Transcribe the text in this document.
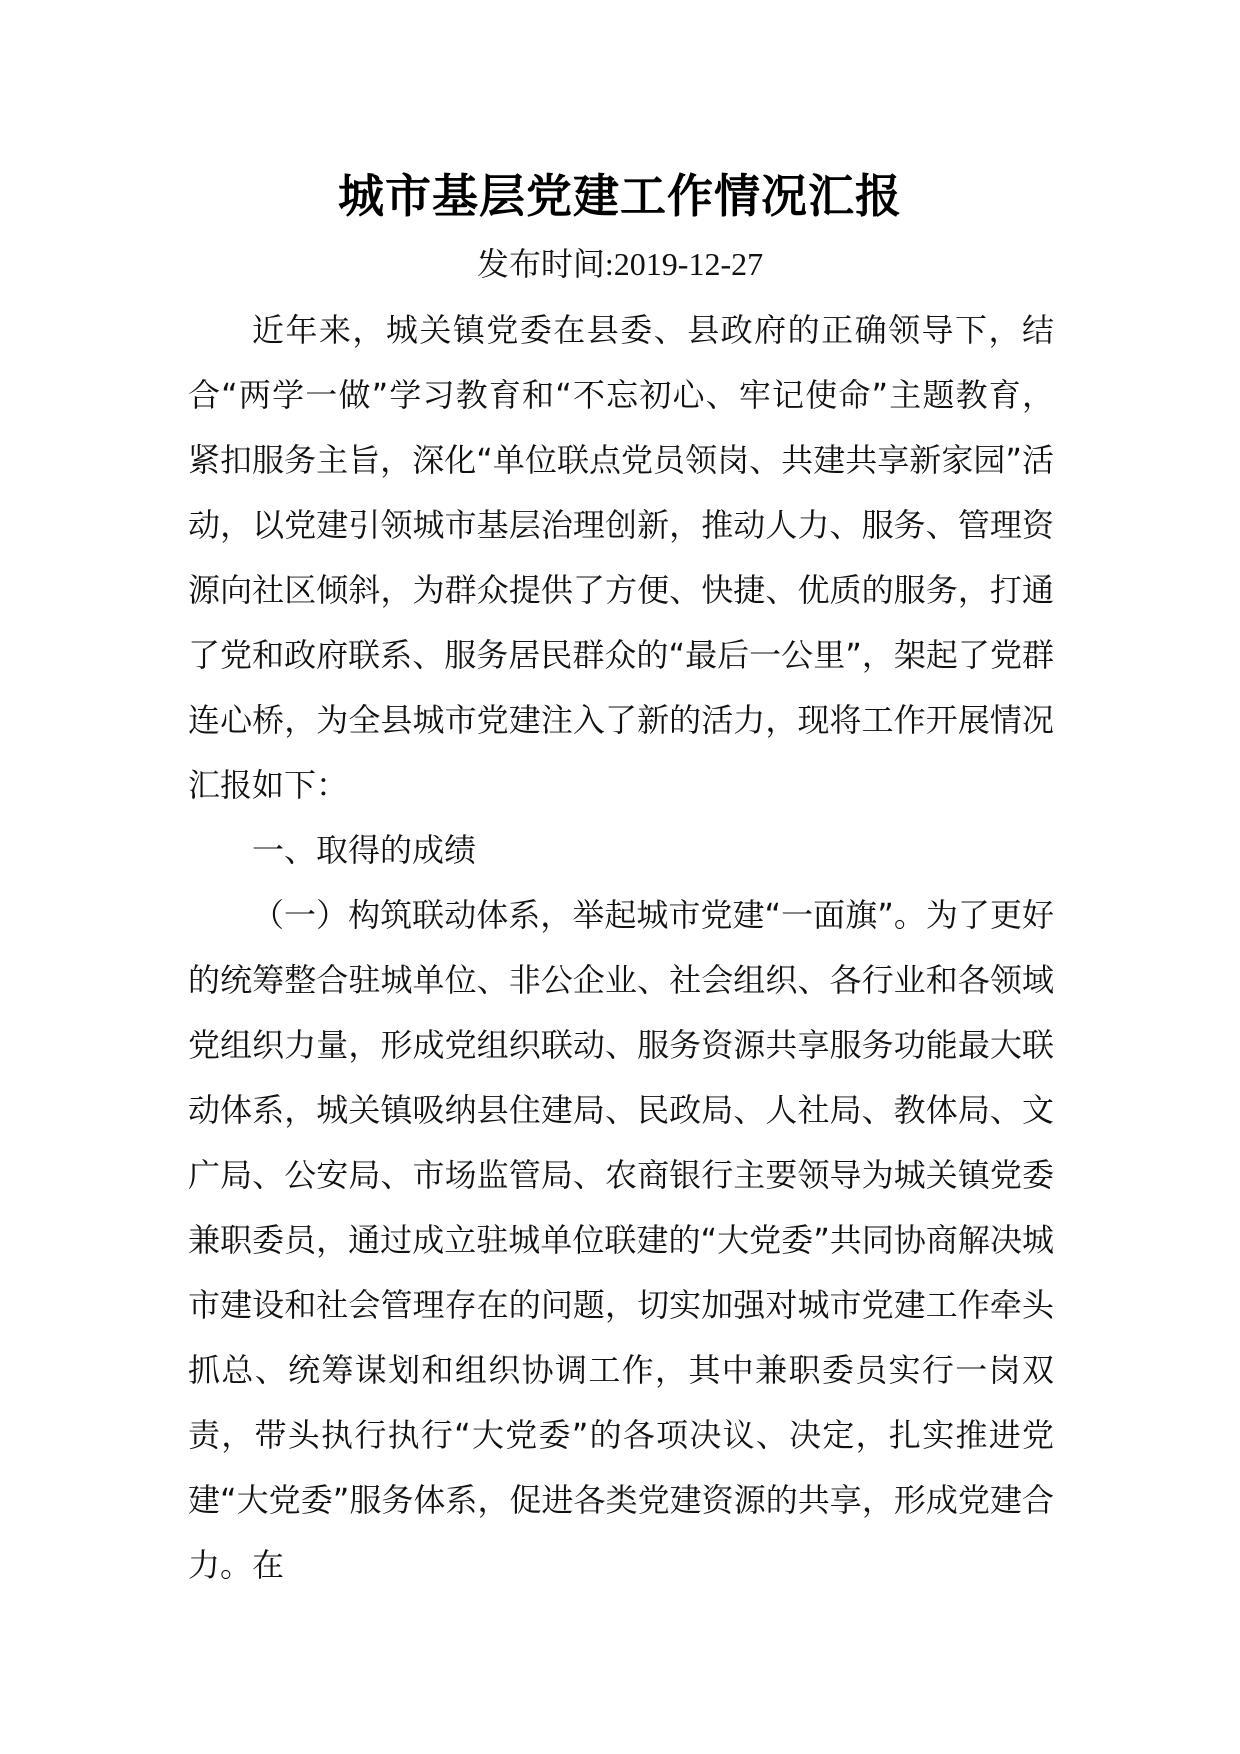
城市基层党建工作情况汇报
发布时间:2019-12-27

近年来，城关镇党委在县委、县政府的正确领导下，结合“两学一做”学习教育和“不忘初心、牢记使命”主题教育，紧扣服务主旨，深化“单位联点党员领岗、共建共享新家园”活动，以党建引领城市基层治理创新，推动人力、服务、管理资源向社区倾斜，为群众提供了方便、快捷、优质的服务，打通了党和政府联系、服务居民群众的“最后一公里”，架起了党群连心桥，为全县城市党建注入了新的活力，现将工作开展情况汇报如下：

一、取得的成绩

（一）构筑联动体系，举起城市党建“一面旗”。为了更好的统筹整合驻城单位、非公企业、社会组织、各行业和各领域党组织力量，形成党组织联动、服务资源共享服务功能最大联动体系，城关镇吸纳县住建局、民政局、人社局、教体局、文广局、公安局、市场监管局、农商银行主要领导为城关镇党委兼职委员，通过成立驻城单位联建的“大党委”共同协商解决城市建设和社会管理存在的问题，切实加强对城市党建工作牵头抓总、统筹谋划和组织协调工作，其中兼职委员实行一岗双责，带头执行执行“大党委”的各项决议、决定，扎实推进党建“大党委”服务体系，促进各类党建资源的共享，形成党建合力。在
